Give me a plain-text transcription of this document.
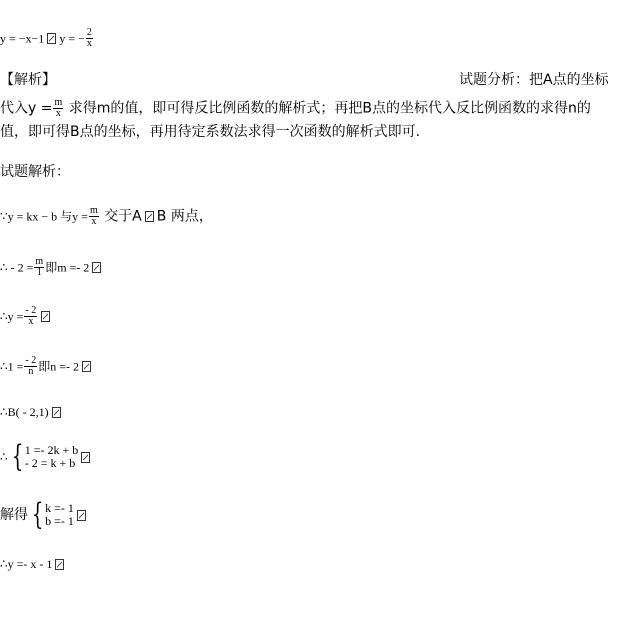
y = −x−1 y = − $\frac{2}{x}$
【解析】	试题分析：把A点的坐标
代入$y = \frac{m}{x}$ 求得m的值，即可得反比例函数的解析式；再把B点的坐标代入反比例函数的求得n的
值，即可得B点的坐标，再用待定系数法求得一次函数的解析式即可.
试题解析：
∵y = kx − b 与$y = \frac{m}{x}$ 交于A B 两点，
∴ - $2 = \frac{m}{1}$ 即m =- 2
∴y = $\frac{- 2}{x}$
∴1 = $\frac{- 2}{n}$ 即n =- 2
∴B( - 2,1)
∴ { 1 =- 2k + b
- 2 = k + b
解得 { k =- 1
b =- 1
∴y =- x - 1
